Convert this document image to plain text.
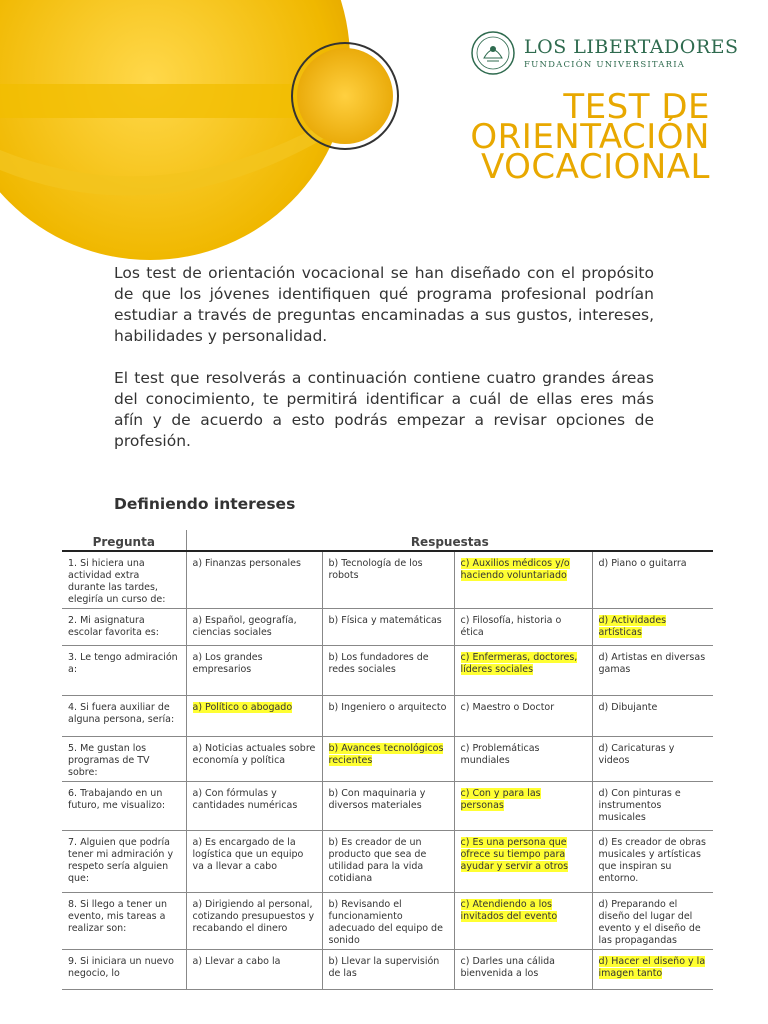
LOS LIBERTADORES
FUNDACIÓN UNIVERSITARIA
TEST DE
ORIENTACIÓN
VOCACIONAL

Los test de orientación vocacional se han diseñado con el propósito de que los jóvenes identifiquen qué programa profesional podrían estudiar a través de preguntas encaminadas a sus gustos, intereses, habilidades y personalidad.

El test que resolverás a continuación contiene cuatro grandes áreas del conocimiento, te permitirá identificar a cuál de ellas eres más afín y de acuerdo a esto podrás empezar a revisar opciones de profesión.

Definiendo intereses
Pregunta	Respuestas			
1. Si hiciera una actividad extra durante las tardes, elegiría un curso de:	a) Finanzas personales	b) Tecnología de los robots	c) Auxilios médicos y/o haciendo voluntariado	d) Piano o guitarra
2. Mi asignatura escolar favorita es:	a) Español, geografía, ciencias sociales	b) Física y matemáticas	c) Filosofía, historia o ética	d) Actividades artísticas
3. Le tengo admiración a:	a) Los grandes empresarios	b) Los fundadores de redes sociales	c) Enfermeras, doctores, líderes sociales	d) Artistas en diversas gamas
4. Si fuera auxiliar de alguna persona, sería:	a) Político o abogado	b) Ingeniero o arquitecto	c) Maestro o Doctor	d) Dibujante
5. Me gustan los programas de TV sobre:	a) Noticias actuales sobre economía y política	b) Avances tecnológicos recientes	c) Problemáticas mundiales	d) Caricaturas y videos
6. Trabajando en un futuro, me visualizo:	a) Con fórmulas y cantidades numéricas	b) Con maquinaria y diversos materiales	c) Con y para las personas	d) Con pinturas e instrumentos musicales
7. Alguien que podría tener mi admiración y respeto sería alguien que:	a) Es encargado de la logística que un equipo va a llevar a cabo	b) Es creador de un producto que sea de utilidad para la vida cotidiana	c) Es una persona que ofrece su tiempo para ayudar y servir a otros	d) Es creador de obras musicales y artísticas que inspiran su entorno.
8. Si llego a tener un evento, mis tareas a realizar son:	a) Dirigiendo al personal, cotizando presupuestos y recabando el dinero	b) Revisando el funcionamiento adecuado del equipo de sonido	c) Atendiendo a los invitados del evento	d) Preparando el diseño del lugar del evento y el diseño de las propagandas
9. Si iniciara un nuevo negocio, lo	a) Llevar a cabo la	b) Llevar la supervisión de las	c) Darles una cálida bienvenida a los	d) Hacer el diseño y la imagen tanto
